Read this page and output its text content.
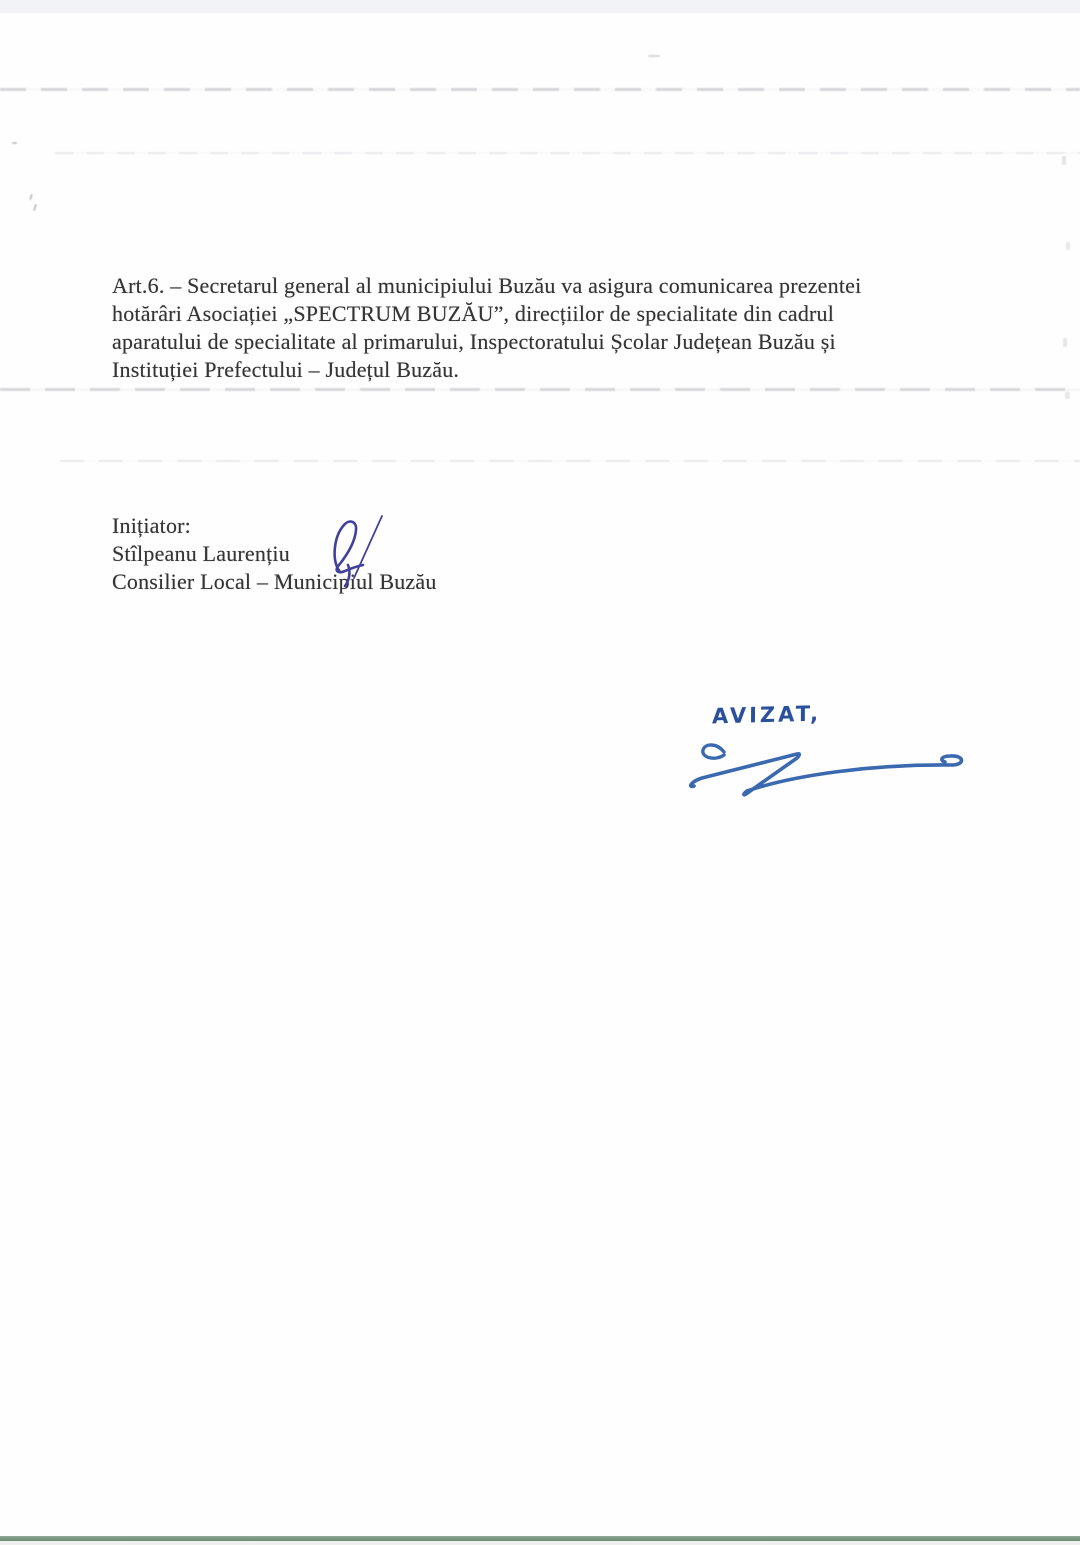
Art.6. – Secretarul general al municipiului Buzău va asigura comunicarea prezentei
hotărâri Asociației „SPECTRUM BUZĂU”, direcțiilor de specialitate din cadrul
aparatului de specialitate al primarului, Inspectoratului Școlar Județean Buzău și
Instituției Prefectului – Județul Buzău.
Inițiator:
Stîlpeanu Laurențiu
Consilier Local – Municipiul Buzău
AVIZAT,
